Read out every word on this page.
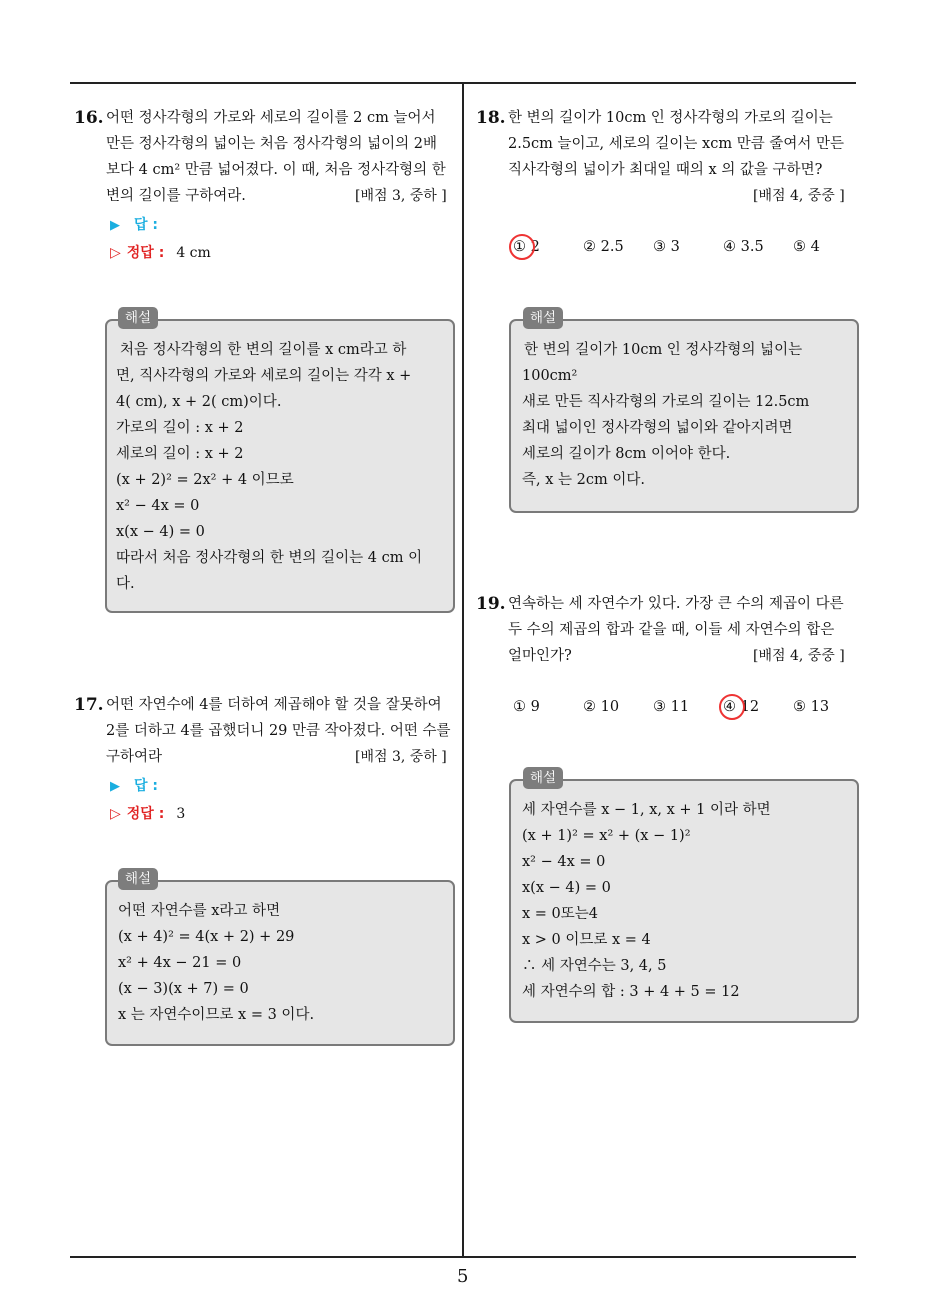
5
16. 어떤 정사각형의 가로와 세로의 길이를 2 cm 늘어서
만든 정사각형의 넓이는 처음 정사각형의 넓이의 2배
보다 4 cm² 만큼 넓어졌다. 이 때, 처음 정사각형의 한
변의 길이를 구하여라.	[배점 3, 중하 ]
▶ 답 :
▷ 정답 : 4 cm
해설
처음 정사각형의 한 변의 길이를 x cm라고 하
면, 직사각형의 가로와 세로의 길이는 각각 x +
4( cm), x + 2( cm)이다.
가로의 길이 : x + 2
세로의 길이 : x + 2
(x + 2)² = 2x² + 4 이므로
x² − 4x = 0
x(x − 4) = 0
따라서 처음 정사각형의 한 변의 길이는 4 cm 이
다.
17. 어떤 자연수에 4를 더하여 제곱해야 할 것을 잘못하여
2를 더하고 4를 곱했더니 29 만큼 작아졌다. 어떤 수를
구하여라	[배점 3, 중하 ]
▶ 답 :
▷ 정답 : 3
해설
어떤 자연수를 x라고 하면
(x + 4)² = 4(x + 2) + 29
x² + 4x − 21 = 0
(x − 3)(x + 7) = 0
x 는 자연수이므로 x = 3 이다.
18. 한 변의 길이가 10cm 인 정사각형의 가로의 길이는
2.5cm 늘이고, 세로의 길이는 xcm 만큼 줄여서 만든
직사각형의 넓이가 최대일 때의 x 의 값을 구하면?
[배점 4, 중중 ]
① 2	② 2.5 ③ 3	④ 3.5 ⑤ 4
해설
한 변의 길이가 10cm 인 정사각형의 넓이는
100cm²
새로 만든 직사각형의 가로의 길이는 12.5cm
최대 넓이인 정사각형의 넓이와 같아지려면
세로의 길이가 8cm 이어야 한다.
즉, x 는 2cm 이다.
19. 연속하는 세 자연수가 있다. 가장 큰 수의 제곱이 다른
두 수의 제곱의 합과 같을 때, 이들 세 자연수의 합은
얼마인가?	[배점 4, 중중 ]
① 9	② 10 ③ 11 ④ 12 ⑤ 13
해설
세 자연수를 x − 1, x, x + 1 이라 하면
(x + 1)² = x² + (x − 1)²
x² − 4x = 0
x(x − 4) = 0
x = 0또는4
x > 0 이므로 x = 4
∴ 세 자연수는 3, 4, 5
세 자연수의 합 : 3 + 4 + 5 = 12
